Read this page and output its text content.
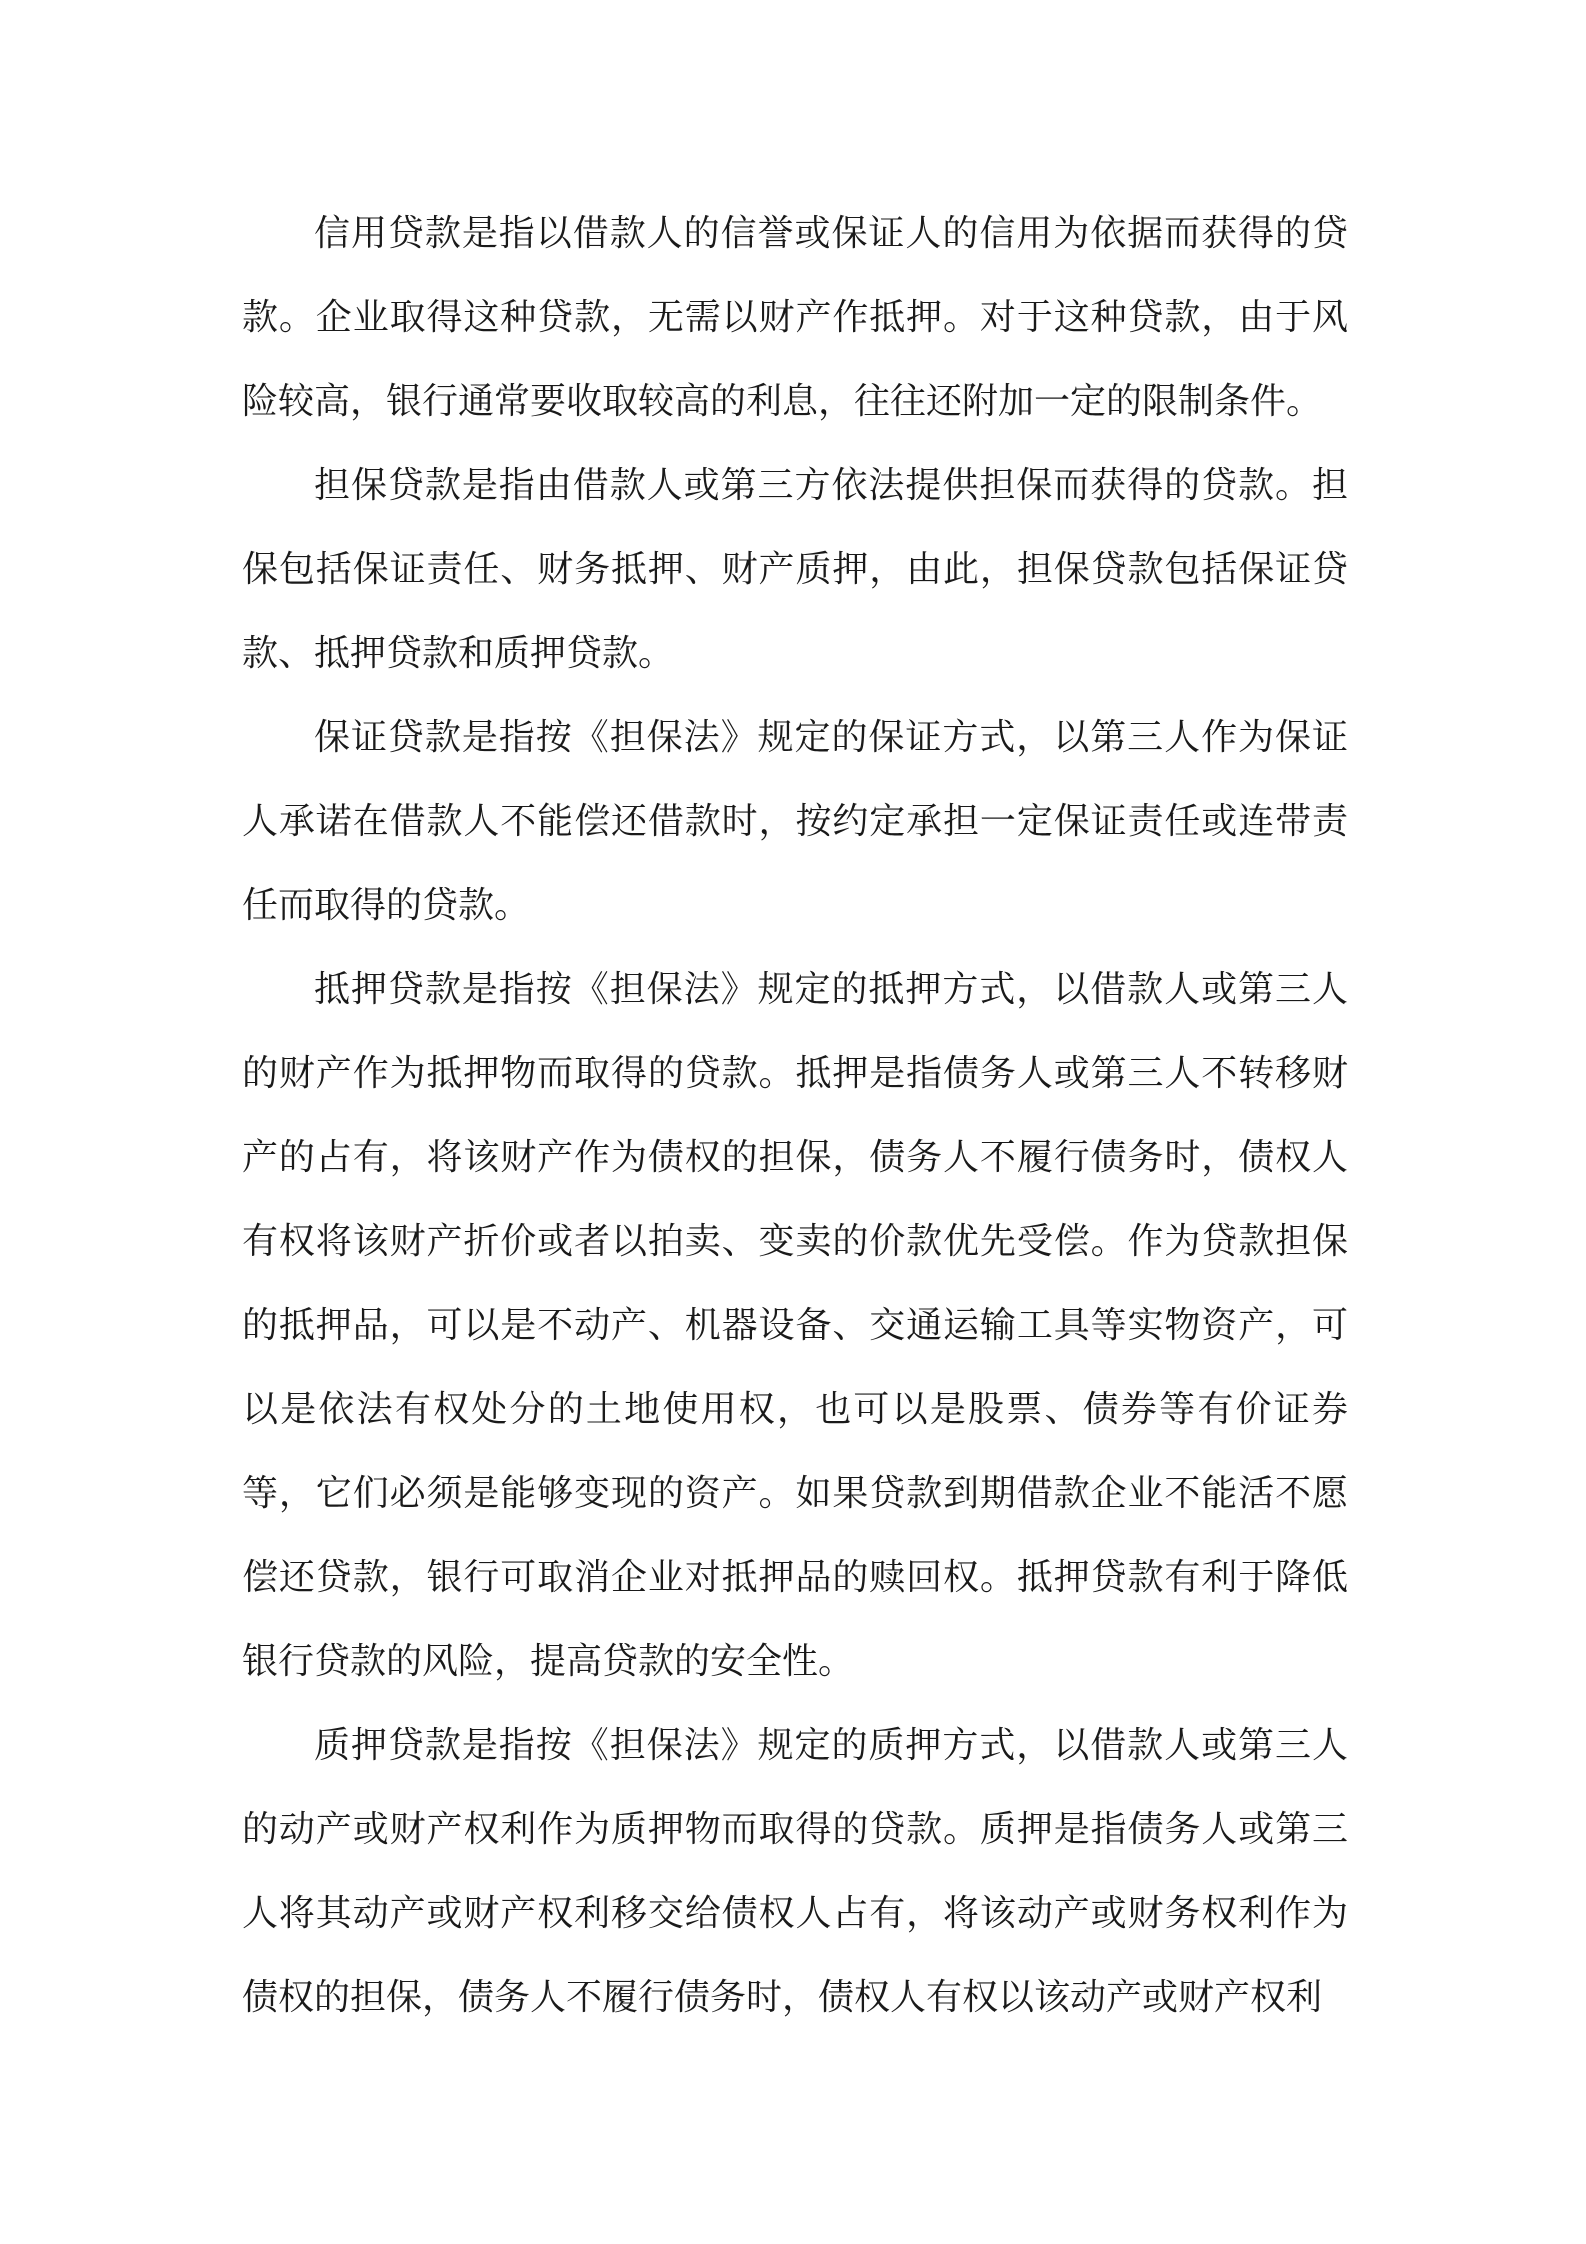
信用贷款是指以借款人的信誉或保证人的信用为依据而获得的贷款。企业取得这种贷款，无需以财产作抵押。对于这种贷款，由于风险较高，银行通常要收取较高的利息，往往还附加一定的限制条件。

担保贷款是指由借款人或第三方依法提供担保而获得的贷款。担保包括保证责任、财务抵押、财产质押，由此，担保贷款包括保证贷款、抵押贷款和质押贷款。

保证贷款是指按《担保法》规定的保证方式，以第三人作为保证人承诺在借款人不能偿还借款时，按约定承担一定保证责任或连带责任而取得的贷款。

抵押贷款是指按《担保法》规定的抵押方式，以借款人或第三人的财产作为抵押物而取得的贷款。抵押是指债务人或第三人不转移财产的占有，将该财产作为债权的担保，债务人不履行债务时，债权人有权将该财产折价或者以拍卖、变卖的价款优先受偿。作为贷款担保的抵押品，可以是不动产、机器设备、交通运输工具等实物资产，可以是依法有权处分的土地使用权，也可以是股票、债券等有价证券等，它们必须是能够变现的资产。如果贷款到期借款企业不能活不愿偿还贷款，银行可取消企业对抵押品的赎回权。抵押贷款有利于降低银行贷款的风险，提高贷款的安全性。

质押贷款是指按《担保法》规定的质押方式，以借款人或第三人的动产或财产权利作为质押物而取得的贷款。质押是指债务人或第三人将其动产或财产权利移交给债权人占有，将该动产或财务权利作为债权的担保，债务人不履行债务时，债权人有权以该动产或财产权利
